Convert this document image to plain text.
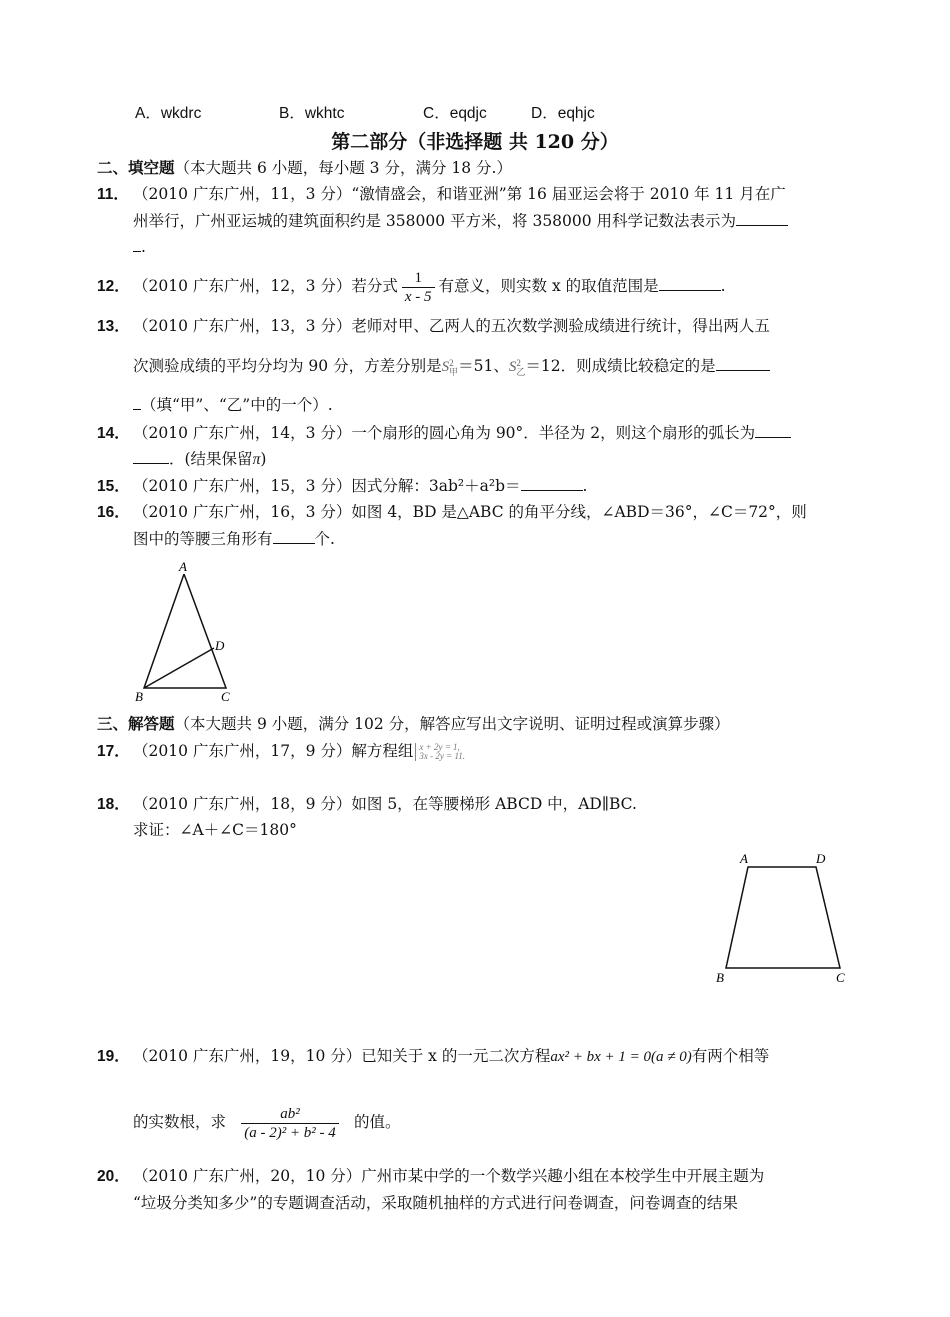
A．wkdrc	B．wkhtc	C．eqdjc	D．eqhjc
第二部分（非选择题 共 120 分）
二、填空题（本大题共 6 小题，每小题 3 分，满分 18 分.）
11． （2010 广东广州，11，3 分）“激情盛会，和谐亚洲”第 16 届亚运会将于 2010 年 11 月在广
州举行，广州亚运城的建筑面积约是 358000 平方米，将 358000 用科学记数法表示为
.
12． （2010 广东广州，12，3 分）若分式 $\frac{1}{x - 5}$ 有意义，则实数 x 的取值范围是	.
13． （2010 广东广州，13，3 分）老师对甲、乙两人的五次数学测验成绩进行统计，得出两人五
次测验成绩的平均分均为 90 分，方差分别是S 2
甲 ＝51、S 2
乙 ＝12．则成绩比较稳定的是
（填“甲”、“乙”中的一个）.
14． （2010 广东广州，14，3 分）一个扇形的圆心角为 90°．半径为 2，则这个扇形的弧长为
．(结果保留π)
15． （2010 广东广州，15，3 分）因式分解：3ab²＋a²b＝	.
16． （2010 广东广州，16，3 分）如图 4，BD 是△ABC 的角平分线，∠ABD＝36°，∠C＝72°，则
图中的等腰三角形有	个.
A
B	C
D
三、解答题（本大题共 9 小题，满分 102 分，解答应写出文字说明、证明过程或演算步骤）
17． （2010 广东广州，17，9 分）解方程组 x + 2y = 1,
3x - 2y = 11.
18． （2010 广东广州，18，9 分）如图 5，在等腰梯形 ABCD 中，AD∥BC.
求证：∠A＋∠C＝180°
A	D
B	C
19． （2010 广东广州，19，10 分）已知关于 x 的一元二次方程ax² + bx + 1 = 0(a ≠ 0)有两个相等
的实数根，求 $\frac{\text{ab²}}{\text{(a - 2)² + b² - 4}}$ 的值。
20． （2010 广东广州，20，10 分）广州市某中学的一个数学兴趣小组在本校学生中开展主题为
“垃圾分类知多少”的专题调查活动，采取随机抽样的方式进行问卷调查，问卷调查的结果
